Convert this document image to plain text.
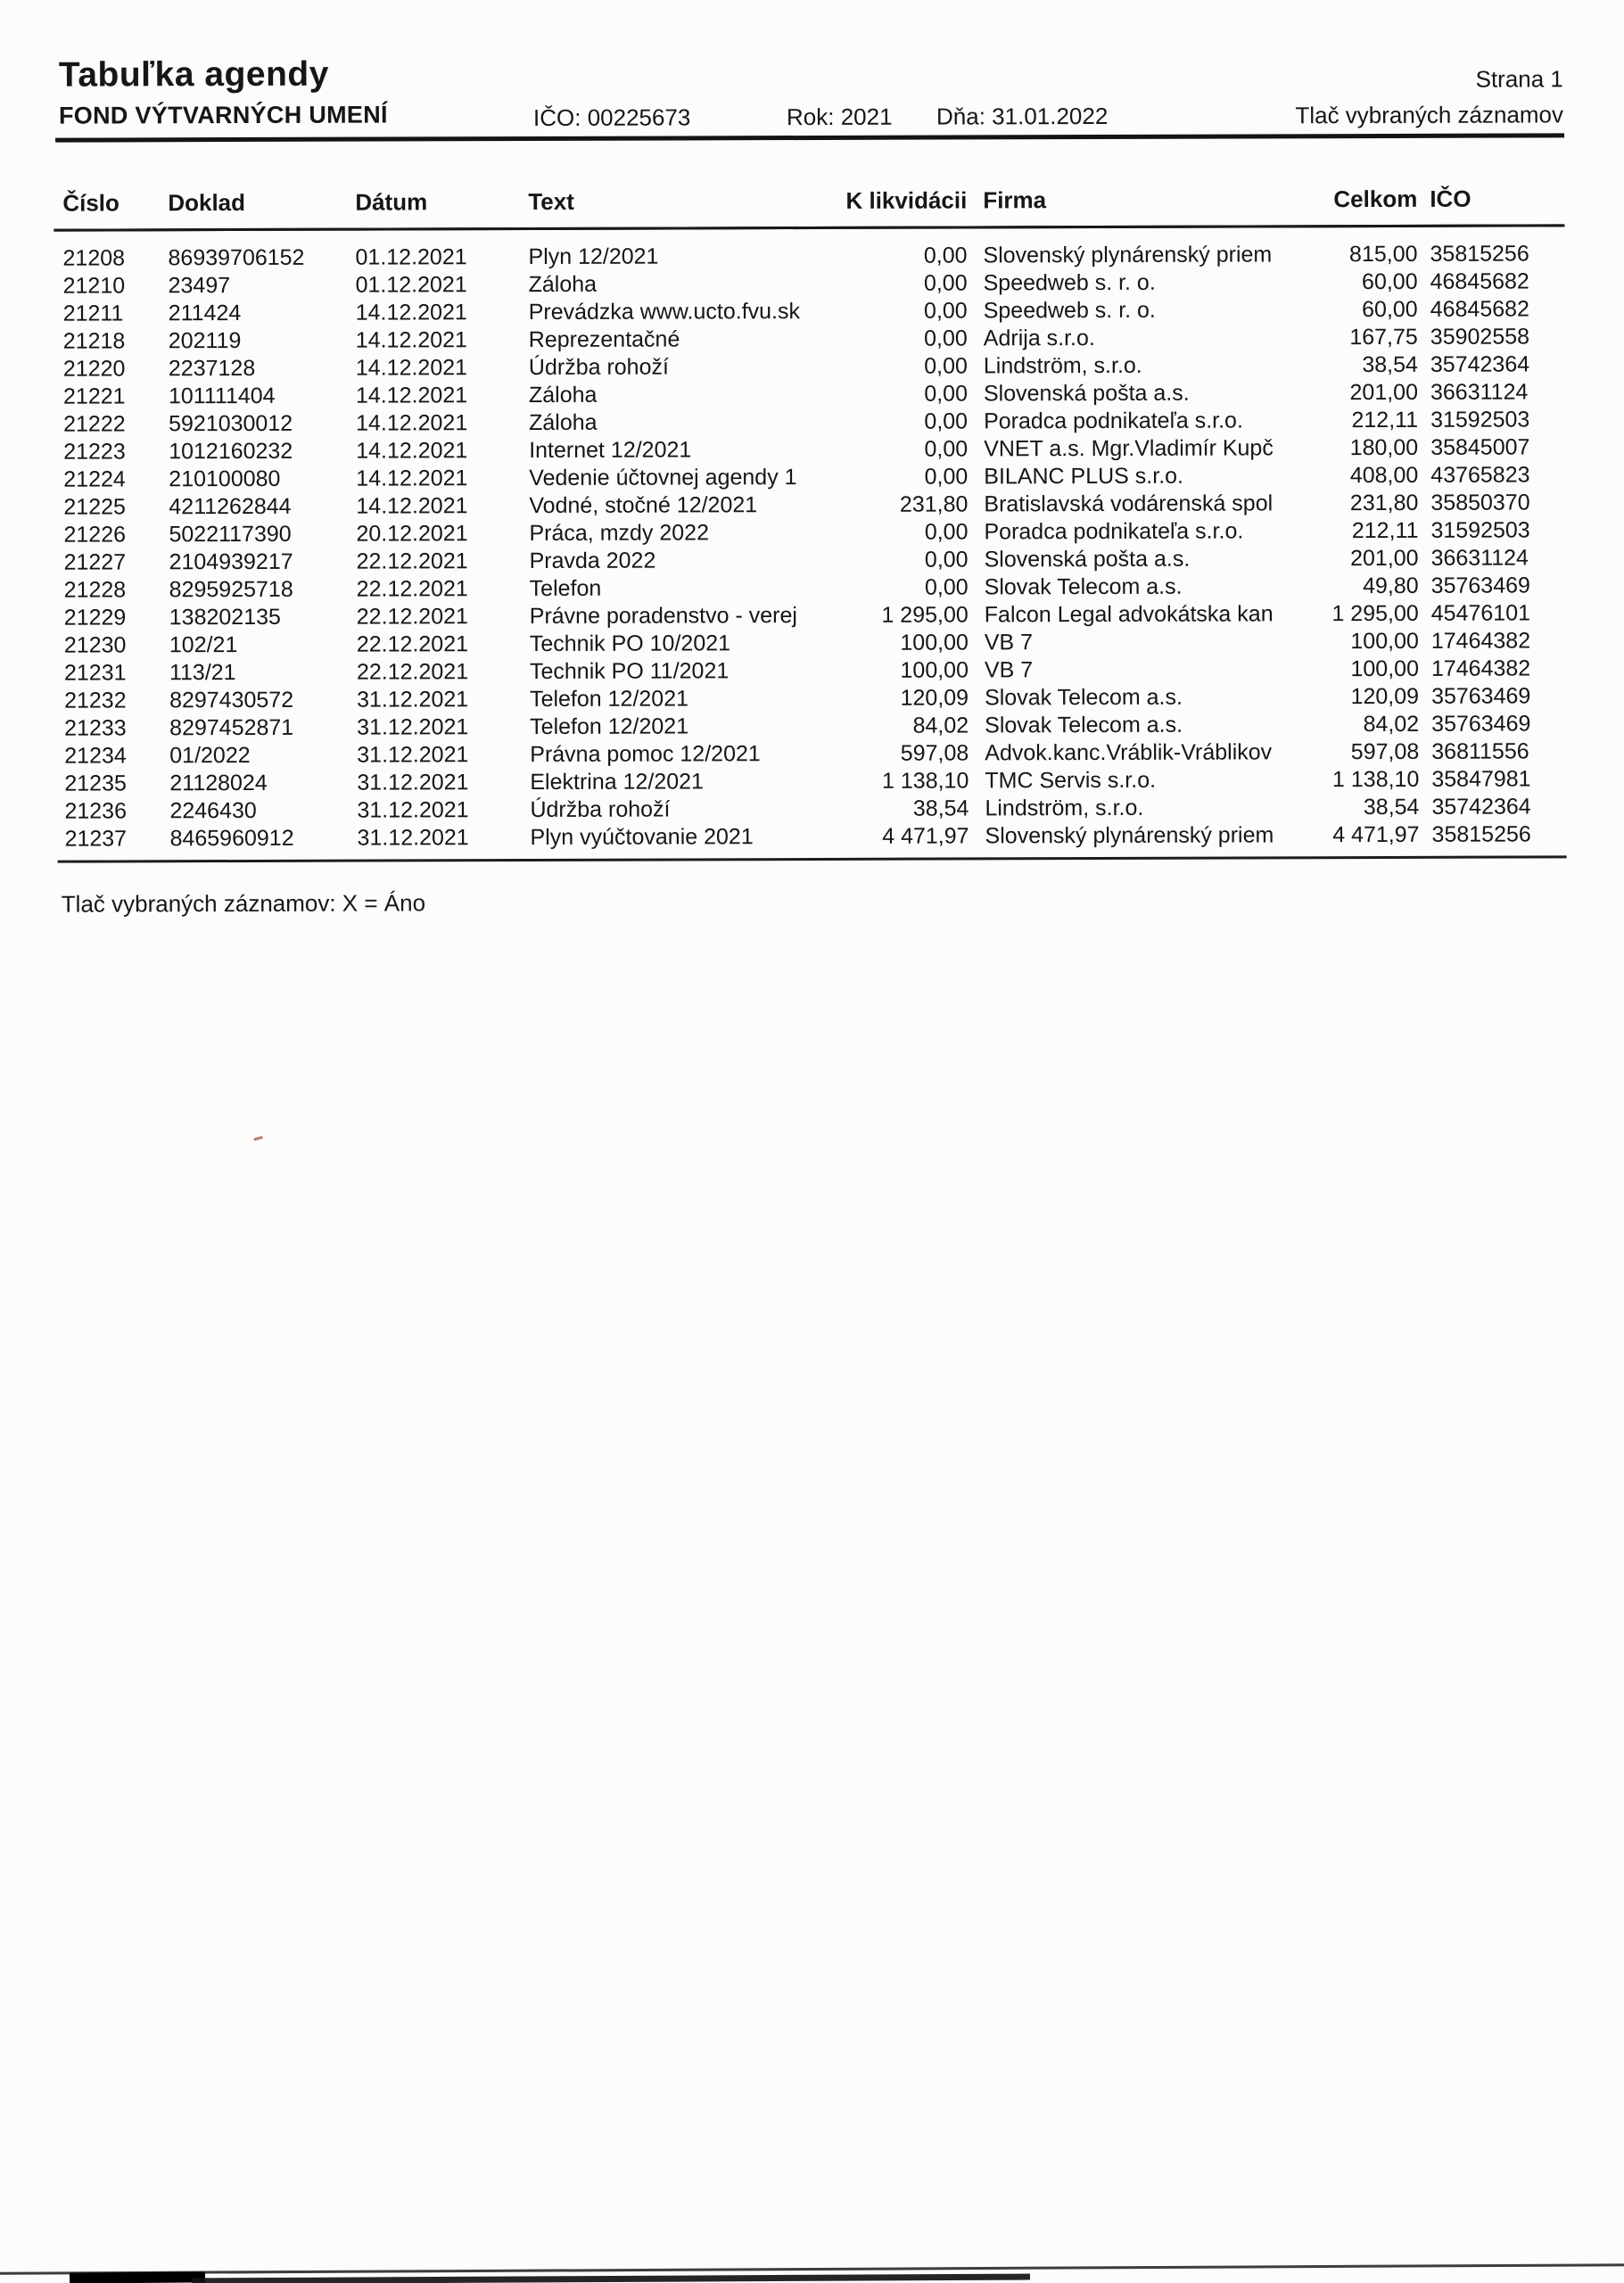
Tabuľka agendy
FOND VÝTVARNÝCH UMENÍ	IČO: 00225673	Rok: 2021 Dňa: 31.01.2022
Strana 1
Tlač vybraných záznamov
Číslo	Doklad	Dátum	Text	K likvidácii	Firma	Celkom	IČO
21208	86939706152	01.12.2021	Plyn 12/2021	0,00	Slovenský plynárenský priem	815,00	35815256
21210	23497	01.12.2021	Záloha	0,00	Speedweb s. r. o.	60,00	46845682
21211	211424	14.12.2021	Prevádzka www.ucto.fvu.sk	0,00	Speedweb s. r. o.	60,00	46845682
21218	202119	14.12.2021	Reprezentačné	0,00	Adrija s.r.o.	167,75	35902558
21220	2237128	14.12.2021	Údržba rohoží	0,00	Lindström, s.r.o.	38,54	35742364
21221	101111404	14.12.2021	Záloha	0,00	Slovenská pošta a.s.	201,00	36631124
21222	5921030012	14.12.2021	Záloha	0,00	Poradca podnikateľa s.r.o.	212,11	31592503
21223	1012160232	14.12.2021	Internet 12/2021	0,00	VNET a.s. Mgr.Vladimír Kupč	180,00	35845007
21224	210100080	14.12.2021	Vedenie účtovnej agendy 1	0,00	BILANC PLUS s.r.o.	408,00	43765823
21225	4211262844	14.12.2021	Vodné, stočné 12/2021	231,80	Bratislavská vodárenská spol	231,80	35850370
21226	5022117390	20.12.2021	Práca, mzdy 2022	0,00	Poradca podnikateľa s.r.o.	212,11	31592503
21227	2104939217	22.12.2021	Pravda 2022	0,00	Slovenská pošta a.s.	201,00	36631124
21228	8295925718	22.12.2021	Telefon	0,00	Slovak Telecom a.s.	49,80	35763469
21229	138202135	22.12.2021	Právne poradenstvo - verej	1 295,00	Falcon Legal advokátska kan	1 295,00	45476101
21230	102/21	22.12.2021	Technik PO 10/2021	100,00	VB 7	100,00	17464382
21231	113/21	22.12.2021	Technik PO 11/2021	100,00	VB 7	100,00	17464382
21232	8297430572	31.12.2021	Telefon 12/2021	120,09	Slovak Telecom a.s.	120,09	35763469
21233	8297452871	31.12.2021	Telefon 12/2021	84,02	Slovak Telecom a.s.	84,02	35763469
21234	01/2022	31.12.2021	Právna pomoc 12/2021	597,08	Advok.kanc.Vráblik-Vráblikov	597,08	36811556
21235	21128024	31.12.2021	Elektrina 12/2021	1 138,10	TMC Servis s.r.o.	1 138,10	35847981
21236	2246430	31.12.2021	Údržba rohoží	38,54	Lindström, s.r.o.	38,54	35742364
21237	8465960912	31.12.2021	Plyn vyúčtovanie 2021	4 471,97	Slovenský plynárenský priem	4 471,97	35815256
Tlač vybraných záznamov: X = Áno
